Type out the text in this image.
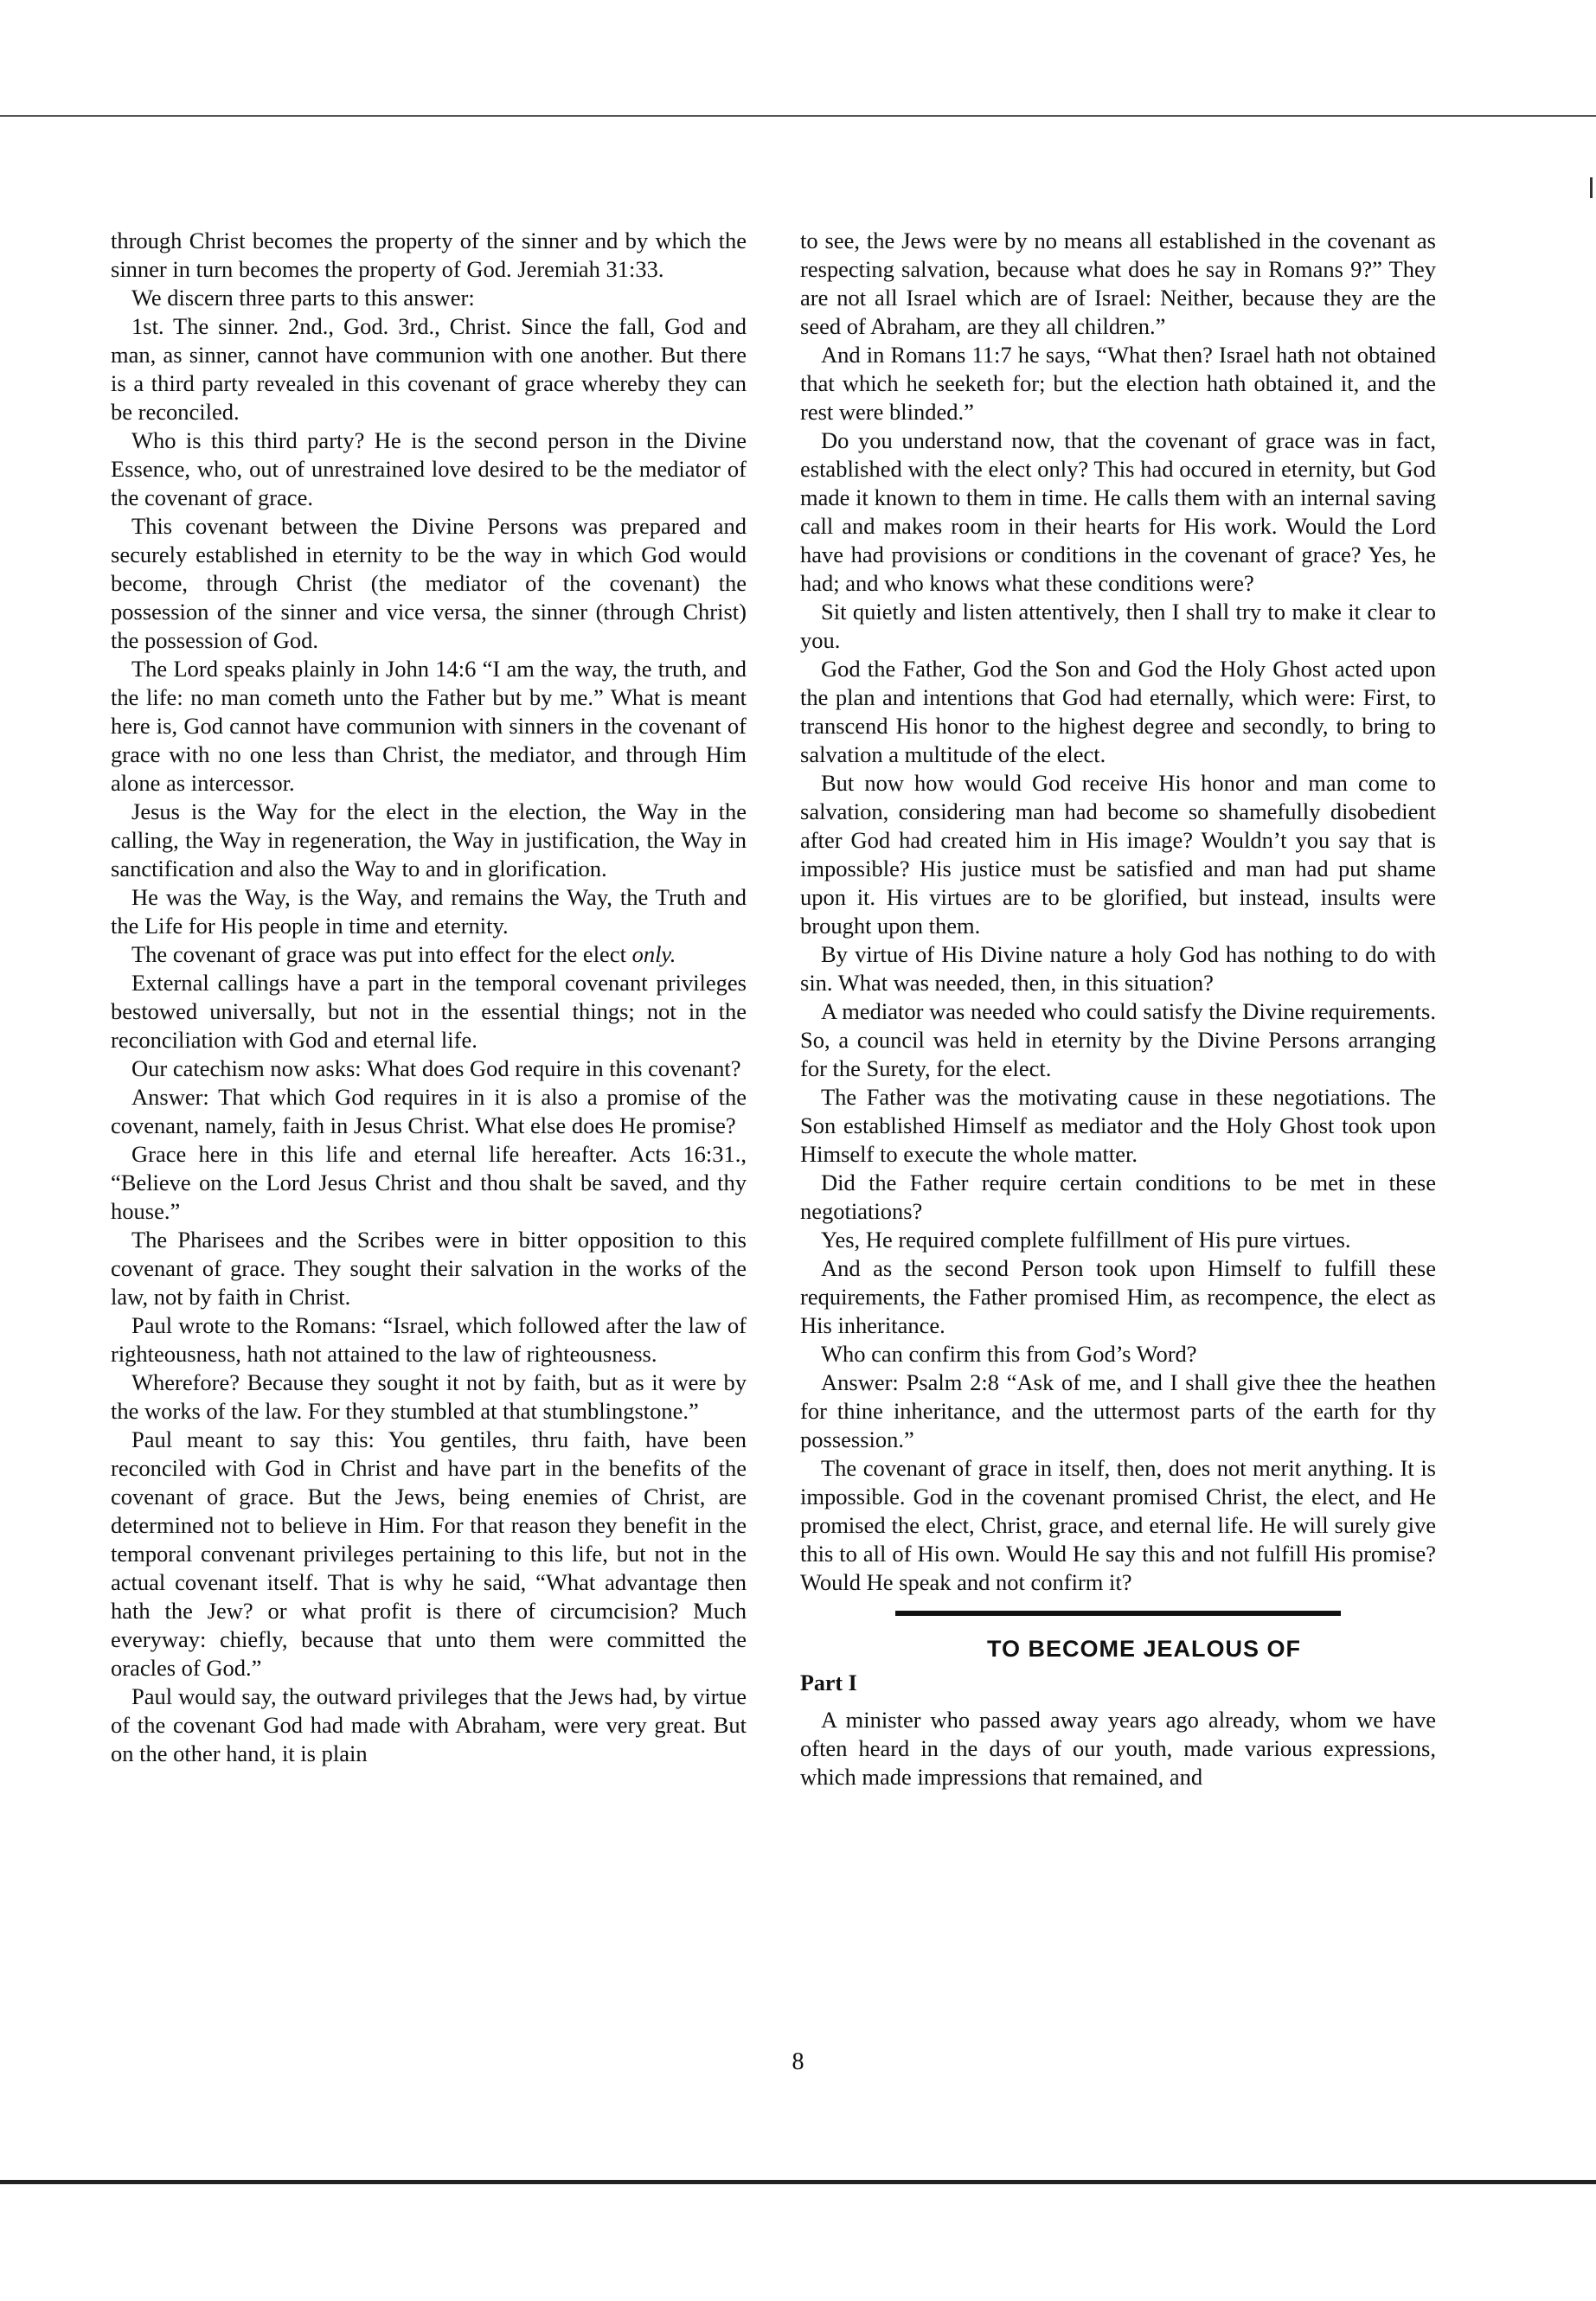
through Christ becomes the property of the sinner and by which the sinner in turn becomes the property of God. Jeremiah 31:33.

We discern three parts to this answer:

1st. The sinner. 2nd., God. 3rd., Christ. Since the fall, God and man, as sinner, cannot have communion with one another. But there is a third party revealed in this covenant of grace whereby they can be reconciled.

Who is this third party? He is the second person in the Divine Essence, who, out of unrestrained love desired to be the mediator of the covenant of grace.

This covenant between the Divine Persons was prepared and securely established in eternity to be the way in which God would become, through Christ (the mediator of the covenant) the possession of the sinner and vice versa, the sinner (through Christ) the possession of God.

The Lord speaks plainly in John 14:6 “I am the way, the truth, and the life: no man cometh unto the Father but by me.” What is meant here is, God cannot have communion with sinners in the covenant of grace with no one less than Christ, the mediator, and through Him alone as intercessor.

Jesus is the Way for the elect in the election, the Way in the calling, the Way in regeneration, the Way in justification, the Way in sanctification and also the Way to and in glorification.

He was the Way, is the Way, and remains the Way, the Truth and the Life for His people in time and eternity.

The covenant of grace was put into effect for the elect only.

External callings have a part in the temporal covenant privileges bestowed universally, but not in the essential things; not in the reconciliation with God and eternal life.

Our catechism now asks: What does God require in this covenant?

Answer: That which God requires in it is also a promise of the covenant, namely, faith in Jesus Christ. What else does He promise?

Grace here in this life and eternal life hereafter. Acts 16:31., “Believe on the Lord Jesus Christ and thou shalt be saved, and thy house.”

The Pharisees and the Scribes were in bitter opposition to this covenant of grace. They sought their salvation in the works of the law, not by faith in Christ.

Paul wrote to the Romans: “Israel, which followed after the law of righteousness, hath not attained to the law of righteousness.

Wherefore? Because they sought it not by faith, but as it were by the works of the law. For they stumbled at that stumblingstone.”

Paul meant to say this: You gentiles, thru faith, have been reconciled with God in Christ and have part in the benefits of the covenant of grace. But the Jews, being enemies of Christ, are determined not to believe in Him. For that reason they benefit in the temporal convenant privileges pertaining to this life, but not in the actual covenant itself. That is why he said, “What advantage then hath the Jew? or what profit is there of circumcision? Much everyway: chiefly, because that unto them were committed the oracles of God.”

Paul would say, the outward privileges that the Jews had, by virtue of the covenant God had made with Abraham, were very great. But on the other hand, it is plain

to see, the Jews were by no means all established in the covenant as respecting salvation, because what does he say in Romans 9?” They are not all Israel which are of Israel: Neither, because they are the seed of Abraham, are they all children.”

And in Romans 11:7 he says, “What then? Israel hath not obtained that which he seeketh for; but the election hath obtained it, and the rest were blinded.”

Do you understand now, that the covenant of grace was in fact, established with the elect only? This had occured in eternity, but God made it known to them in time. He calls them with an internal saving call and makes room in their hearts for His work. Would the Lord have had provisions or conditions in the covenant of grace? Yes, he had; and who knows what these conditions were?

Sit quietly and listen attentively, then I shall try to make it clear to you.

God the Father, God the Son and God the Holy Ghost acted upon the plan and intentions that God had eternally, which were: First, to transcend His honor to the highest degree and secondly, to bring to salvation a multitude of the elect.

But now how would God receive His honor and man come to salvation, considering man had become so shamefully disobedient after God had created him in His image? Wouldn’t you say that is impossible? His justice must be satisfied and man had put shame upon it. His virtues are to be glorified, but instead, insults were brought upon them.

By virtue of His Divine nature a holy God has nothing to do with sin. What was needed, then, in this situation?

A mediator was needed who could satisfy the Divine requirements. So, a council was held in eternity by the Divine Persons arranging for the Surety, for the elect.

The Father was the motivating cause in these negotiations. The Son established Himself as mediator and the Holy Ghost took upon Himself to execute the whole matter.

Did the Father require certain conditions to be met in these negotiations?

Yes, He required complete fulfillment of His pure virtues.

And as the second Person took upon Himself to fulfill these requirements, the Father promised Him, as recompence, the elect as His inheritance.

Who can confirm this from God’s Word?

Answer: Psalm 2:8 “Ask of me, and I shall give thee the heathen for thine inheritance, and the uttermost parts of the earth for thy possession.”

The covenant of grace in itself, then, does not merit anything. It is impossible. God in the covenant promised Christ, the elect, and He promised the elect, Christ, grace, and eternal life. He will surely give this to all of His own. Would He say this and not fulfill His promise? Would He speak and not confirm it?

TO BECOME JEALOUS OF
Part I

A minister who passed away years ago already, whom we have often heard in the days of our youth, made various expressions, which made impressions that remained, and

8
